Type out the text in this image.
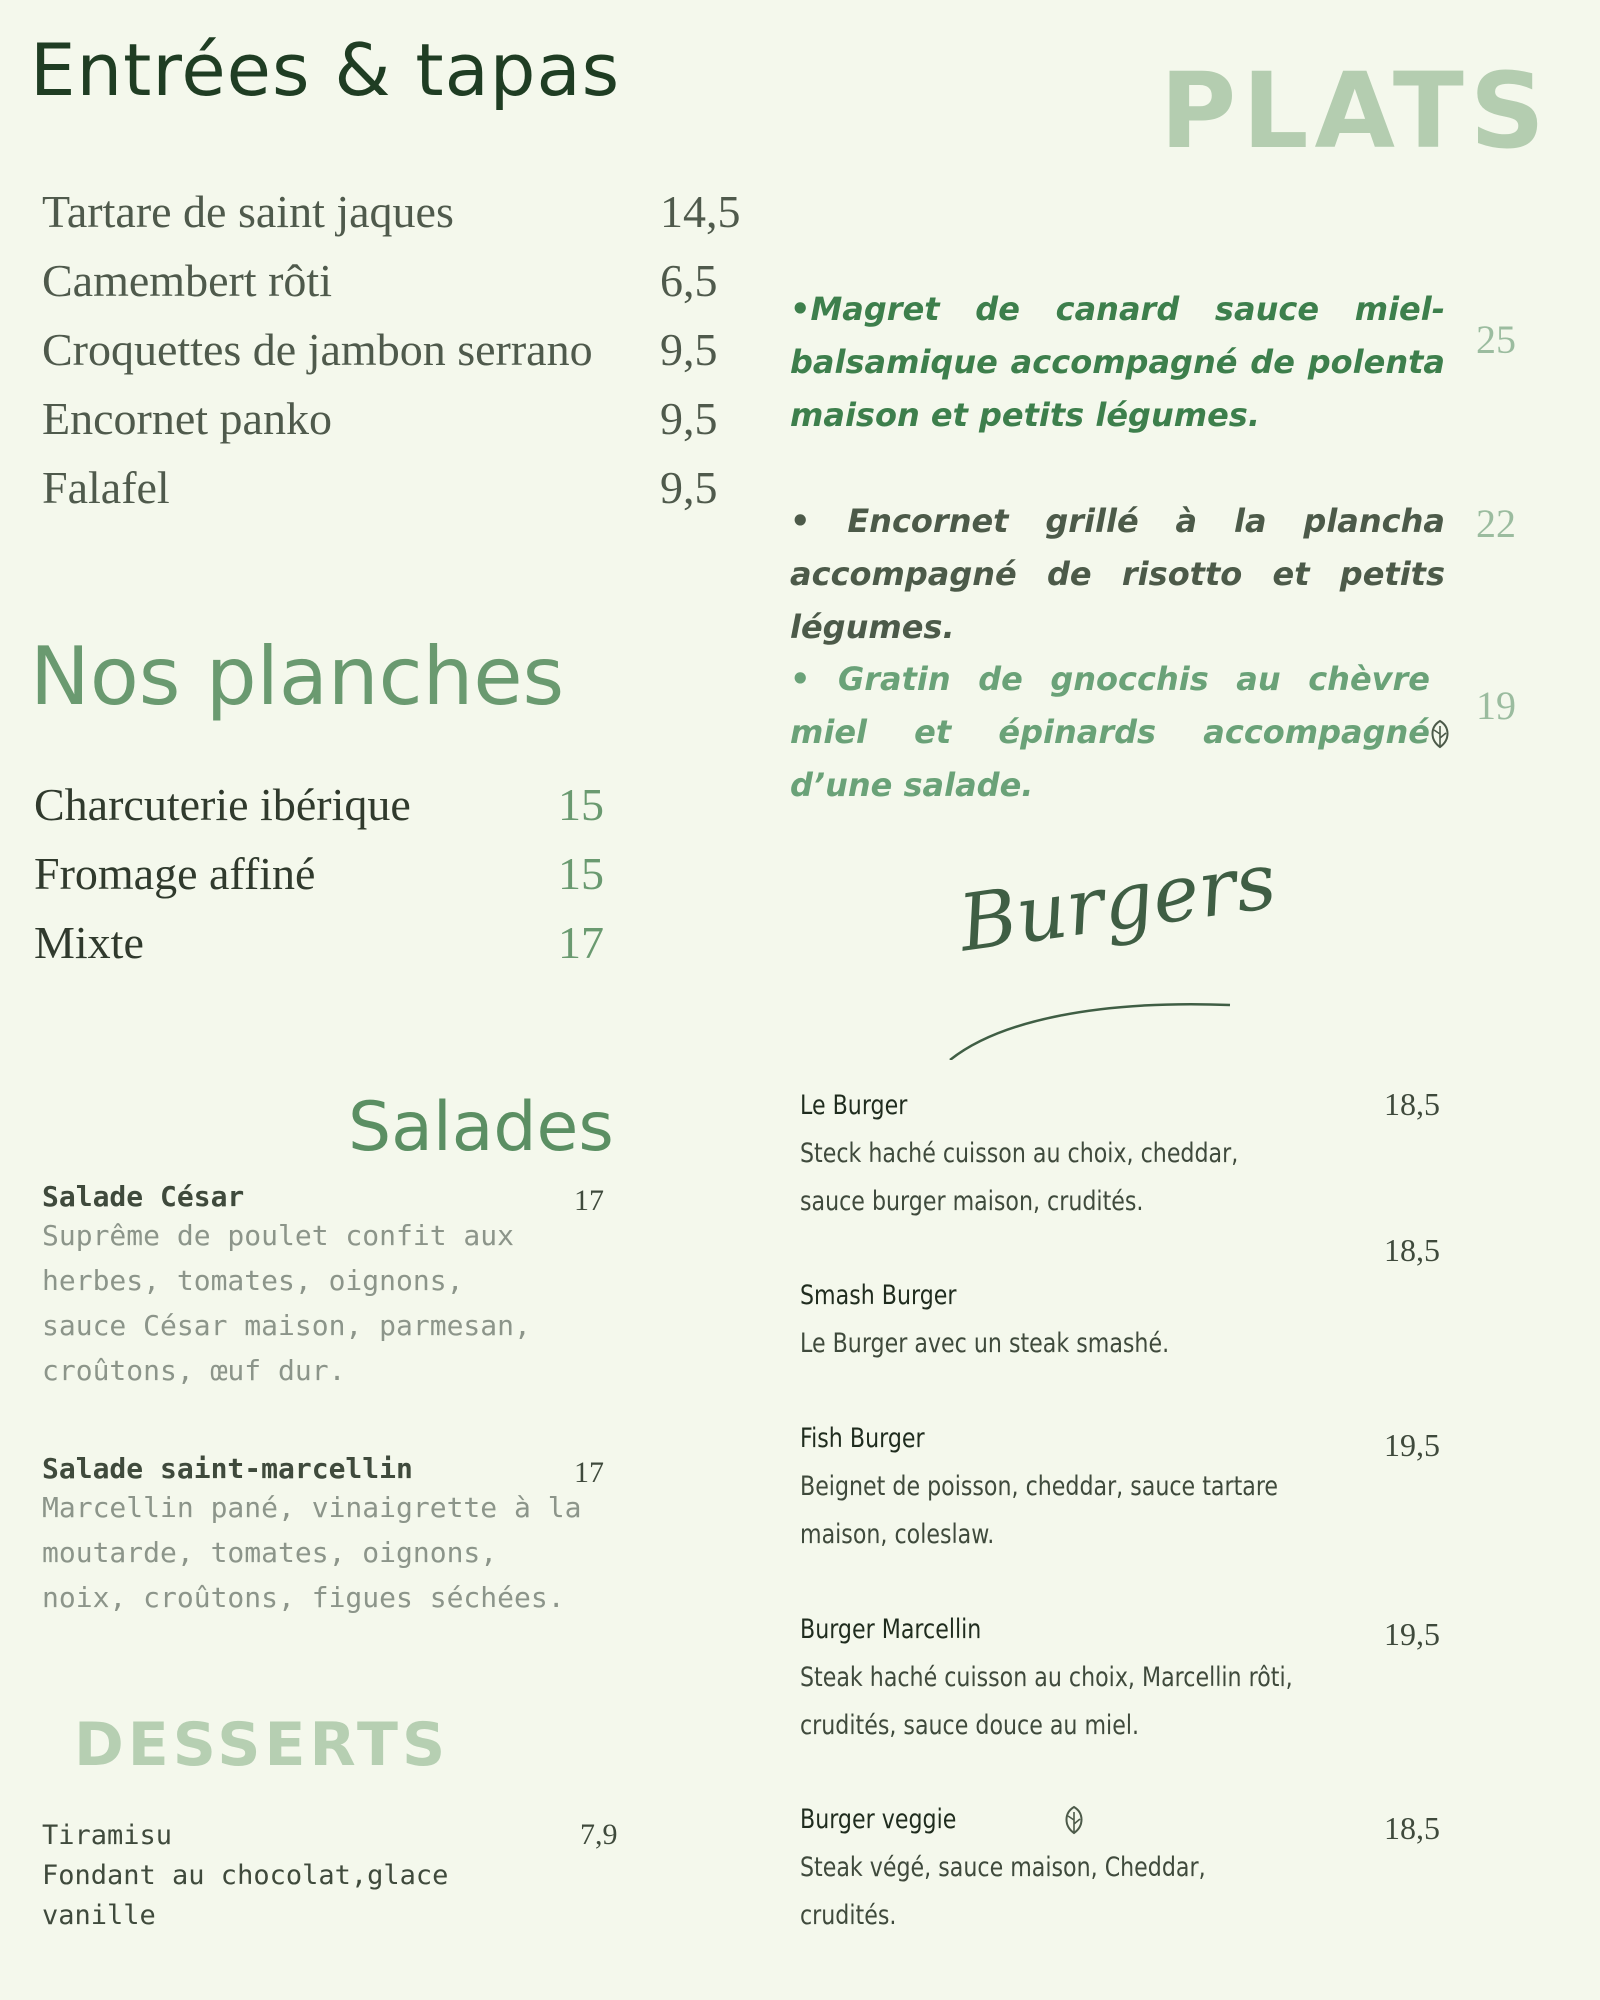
Entrées & tapas
Tartare de saint jaques	14,5
Camembert rôti	6,5
Croquettes de jambon serrano 9,5
Encornet panko	9,5
Falafel	9,5
Nos planches
Charcuterie ibérique	15
Fromage affiné	15
Mixte	17
Salades
Salade César
Suprême de poulet confit aux herbes, tomates, oignons, sauce César maison, parmesan, croûtons, œuf dur.
17
Salade saint-marcellin
Marcellin pané, vinaigrette à la moutarde, tomates, oignons, noix, croûtons, figues séchées.
17
DESSERTS
Tiramisu
Fondant au chocolat,glace vanille
7,9
PLATS
•Magret de canard sauce miel-balsamique accompagné de polenta maison et petits légumes.
25
• Encornet grillé à la plancha accompagné de risotto et petits légumes.
22
• Gratin de gnocchis au chèvre miel et épinards accompagné d’une salade.
19
Burgers
Le Burger
Steck haché cuisson au choix, cheddar, sauce burger maison, crudités.
18,5
Smash Burger
Le Burger avec un steak smashé.
18,5
Fish Burger
Beignet de poisson, cheddar, sauce tartare maison, coleslaw.
19,5
Burger Marcellin
Steak haché cuisson au choix, Marcellin rôti, crudités, sauce douce au miel.
19,5
Burger veggie
Steak végé, sauce maison, Cheddar, crudités.
18,5
